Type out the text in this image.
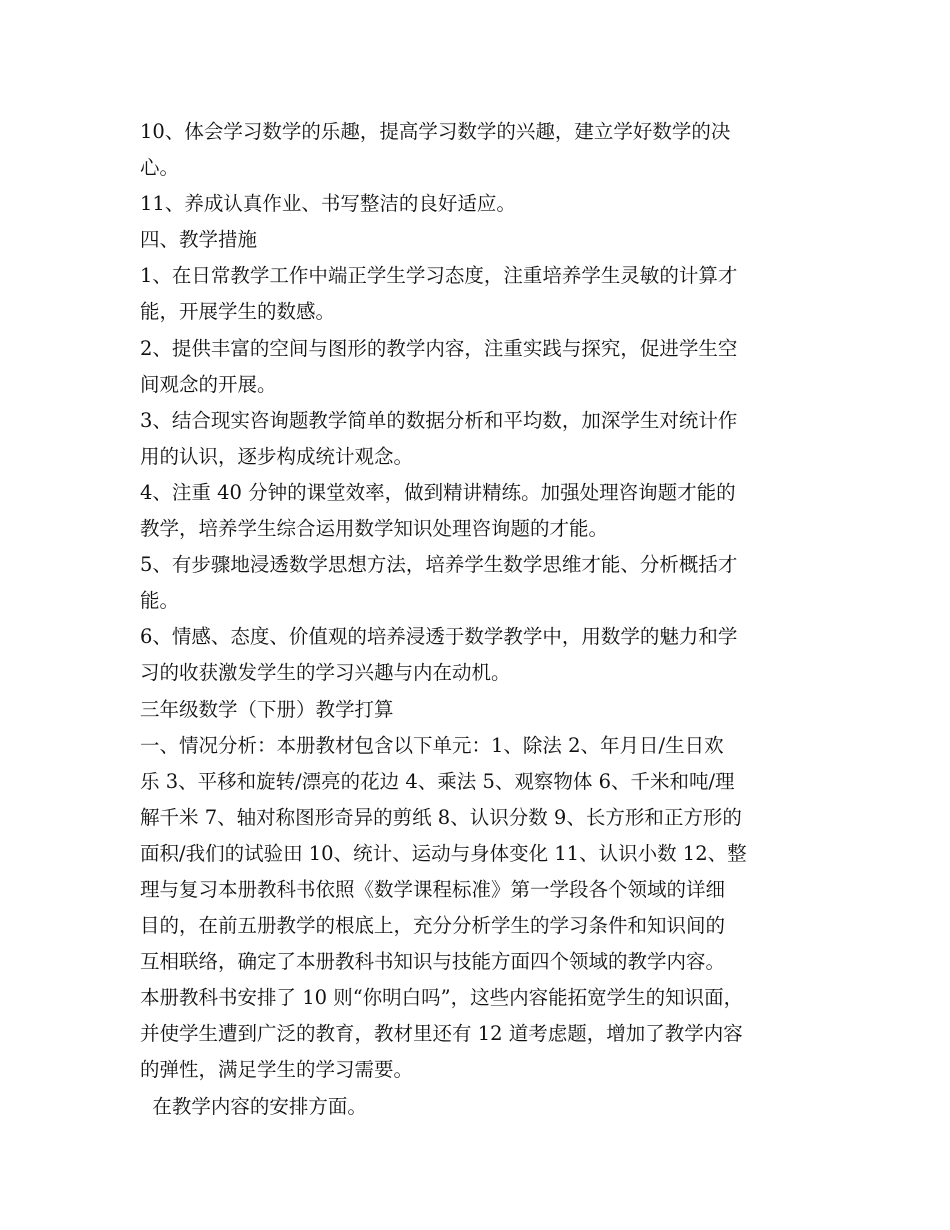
10、体会学习数学的乐趣，提高学习数学的兴趣，建立学好数学的决
心。
11、养成认真作业、书写整洁的良好适应。
四、教学措施
1、在日常教学工作中端正学生学习态度，注重培养学生灵敏的计算才
能，开展学生的数感。
2、提供丰富的空间与图形的教学内容，注重实践与探究，促进学生空
间观念的开展。
3、结合现实咨询题教学简单的数据分析和平均数，加深学生对统计作
用的认识，逐步构成统计观念。
4、注重 40 分钟的课堂效率，做到精讲精练。加强处理咨询题才能的
教学，培养学生综合运用数学知识处理咨询题的才能。
5、有步骤地浸透数学思想方法，培养学生数学思维才能、分析概括才
能。
6、情感、态度、价值观的培养浸透于数学教学中，用数学的魅力和学
习的收获激发学生的学习兴趣与内在动机。
三年级数学（下册）教学打算
一、情况分析：本册教材包含以下单元：1、除法 2、年月日/生日欢
乐 3、平移和旋转/漂亮的花边 4、乘法 5、观察物体 6、千米和吨/理
解千米 7、轴对称图形奇异的剪纸 8、认识分数 9、长方形和正方形的
面积/我们的试验田 10、统计、运动与身体变化 11、认识小数 12、整
理与复习本册教科书依照《数学课程标准》第一学段各个领域的详细
目的，在前五册教学的根底上，充分分析学生的学习条件和知识间的
互相联络，确定了本册教科书知识与技能方面四个领域的教学内容。
本册教科书安排了 10 则“你明白吗”，这些内容能拓宽学生的知识面，
并使学生遭到广泛的教育，教材里还有 12 道考虑题，增加了教学内容
的弹性，满足学生的学习需要。
在教学内容的安排方面。
